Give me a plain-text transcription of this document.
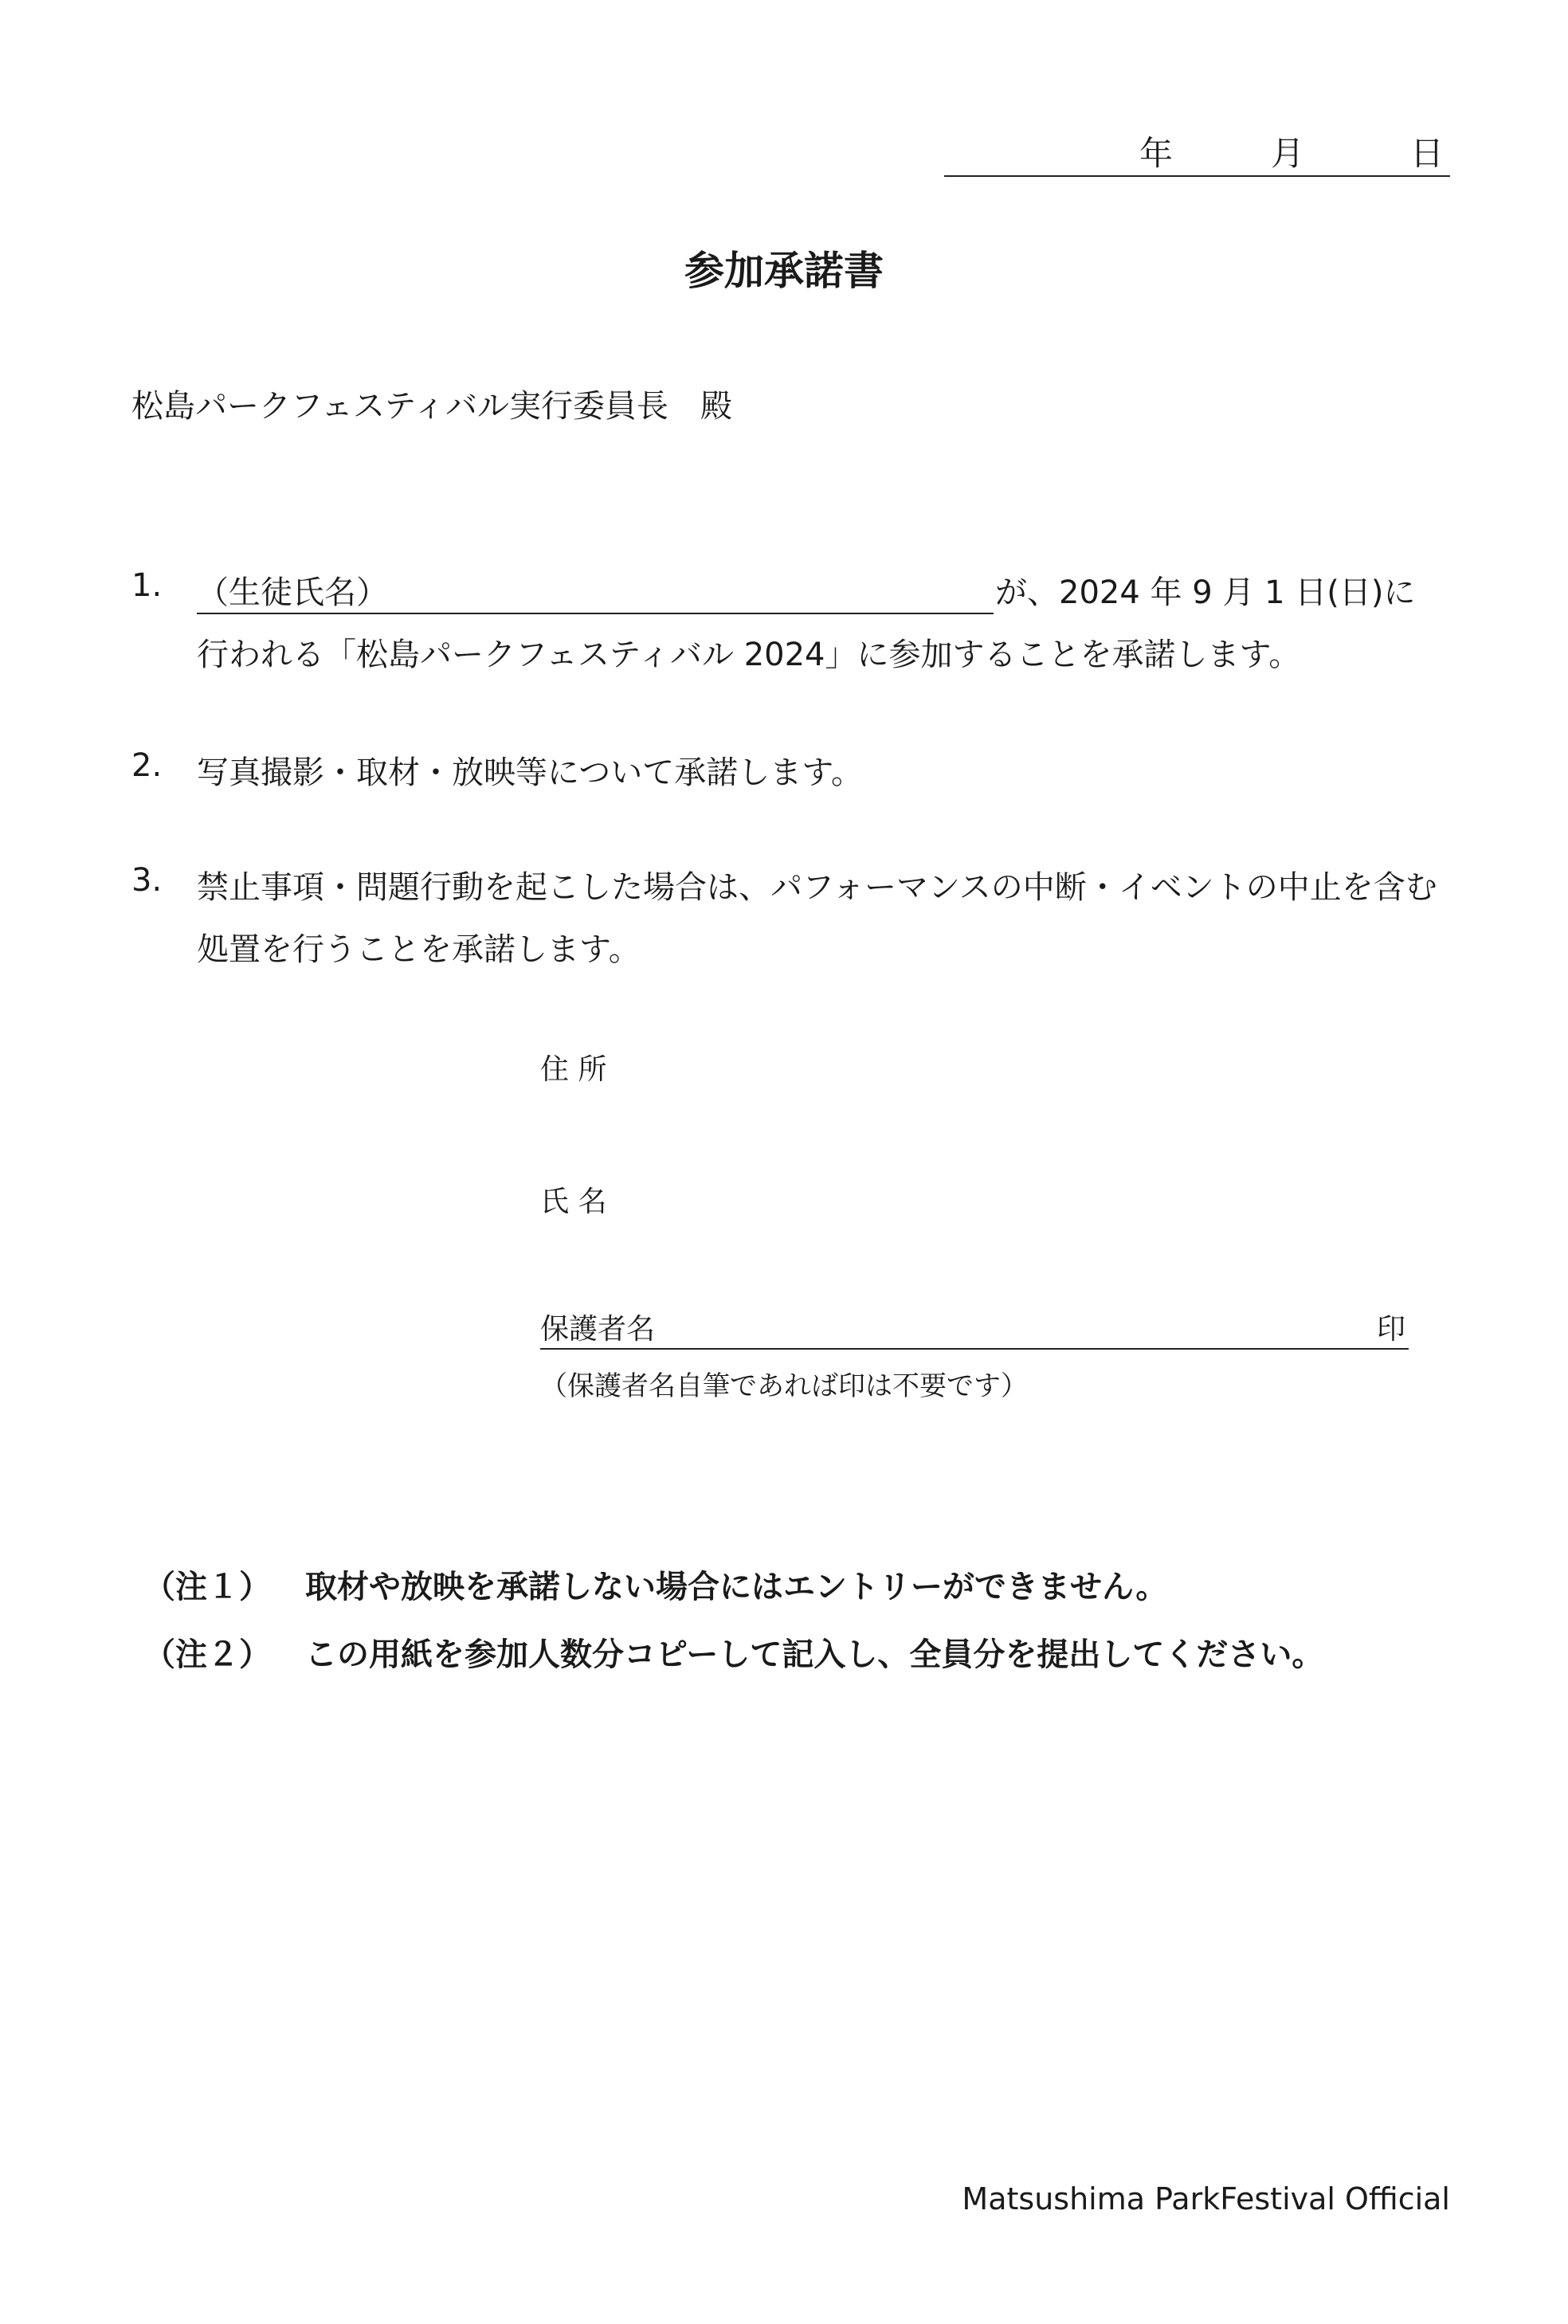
年	月	日
参加承諾書
松島パークフェスティバル実行委員長　殿
1. （生徒氏名）	が、2024 年 9 月 1 日(日)に
行われる「松島パークフェスティバル 2024」に参加することを承諾します。
2. 写真撮影・取材・放映等について承諾します。
3. 禁止事項・問題行動を起こした場合は、パフォーマンスの中断・イベントの中止を含む
処置を行うことを承諾します。
住 所
氏 名
保護者名	印
（保護者名自筆であれば印は不要です）
（注１） 取材や放映を承諾しない場合にはエントリーができません。
（注２） この用紙を参加人数分コピーして記入し、全員分を提出してください。
Matsushima ParkFestival Official
